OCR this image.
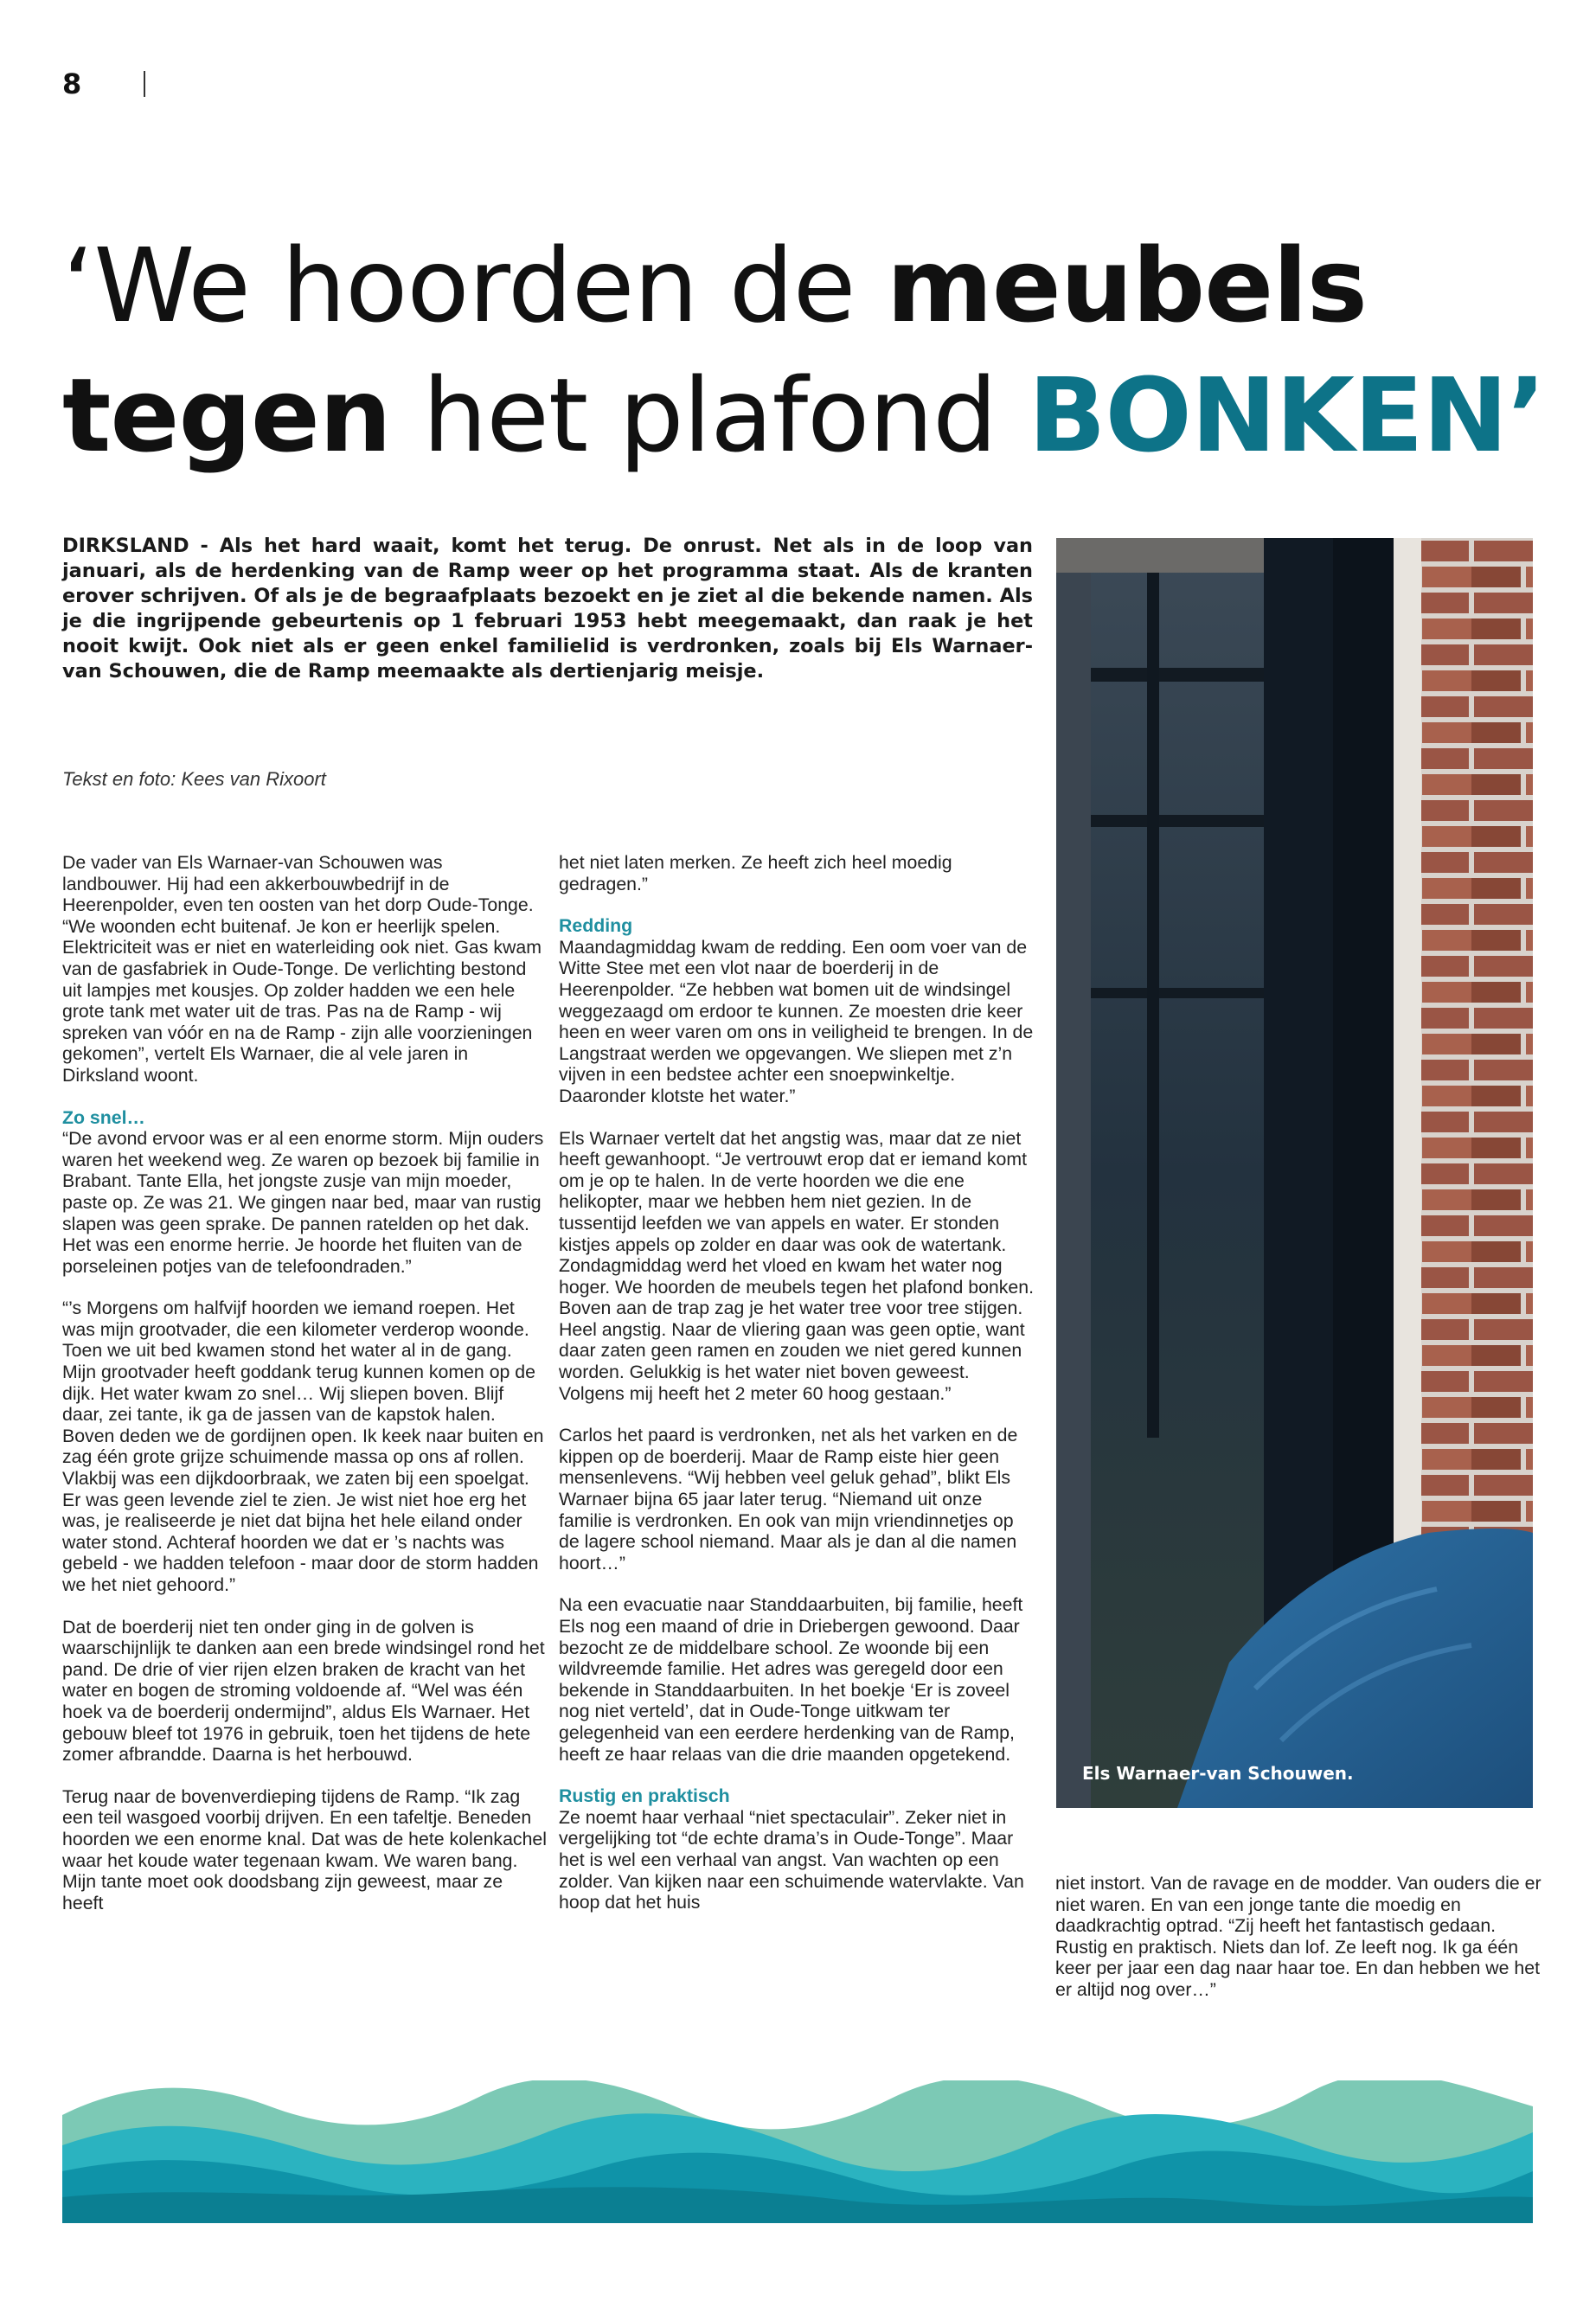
8
‘We hoorden de meubels
tegen het plafond BONKEN’

DIRKSLAND - Als het hard waait, komt het terug. De onrust. Net als in de loop van januari, als de herdenking van de Ramp weer op het programma staat. Als de kranten erover schrijven. Of als je de begraafplaats bezoekt en je ziet al die bekende namen. Als je die ingrijpende gebeurtenis op 1 februari 1953 hebt meegemaakt, dan raak je het nooit kwijt. Ook niet als er geen enkel familielid is verdronken, zoals bij Els Warnaer-van Schouwen, die de Ramp meemaakte als dertienjarig meisje.

Tekst en foto: Kees van Rixoort

De vader van Els Warnaer-van Schouwen was landbouwer. Hij had een akkerbouwbedrijf in de Heerenpolder, even ten oosten van het dorp Oude-Tonge. “We woonden echt buitenaf. Je kon er heerlijk spelen. Elektriciteit was er niet en waterleiding ook niet. Gas kwam van de gasfabriek in Oude-Tonge. De verlichting bestond uit lampjes met kousjes. Op zolder hadden we een hele grote tank met water uit de tras. Pas na de Ramp - wij spreken van vóór en na de Ramp - zijn alle voorzieningen gekomen”, vertelt Els Warnaer, die al vele jaren in Dirksland woont.

Zo snel…

“De avond ervoor was er al een enorme storm. Mijn ouders waren het weekend weg. Ze waren op bezoek bij familie in Brabant. Tante Ella, het jongste zusje van mijn moeder, paste op. Ze was 21. We gingen naar bed, maar van rustig slapen was geen sprake. De pannen ratelden op het dak. Het was een enorme herrie. Je hoorde het fluiten van de porseleinen potjes van de telefoondraden.”

“’s Morgens om halfvijf hoorden we iemand roepen. Het was mijn grootvader, die een kilometer verderop woonde. Toen we uit bed kwamen stond het water al in de gang. Mijn grootvader heeft goddank terug kunnen komen op de dijk. Het water kwam zo snel… Wij sliepen boven. Blijf daar, zei tante, ik ga de jassen van de kapstok halen. Boven deden we de gordijnen open. Ik keek naar buiten en zag één grote grijze schuimende massa op ons af rollen. Vlakbij was een dijkdoorbraak, we zaten bij een spoelgat. Er was geen levende ziel te zien. Je wist niet hoe erg het was, je realiseerde je niet dat bijna het hele eiland onder water stond. Achteraf hoorden we dat er ’s nachts was gebeld - we hadden telefoon - maar door de storm hadden we het niet gehoord.”

Dat de boerderij niet ten onder ging in de golven is waarschijnlijk te danken aan een brede windsingel rond het pand. De drie of vier rijen elzen braken de kracht van het water en bogen de stroming voldoende af. “Wel was één hoek va de boerderij ondermijnd”, aldus Els Warnaer. Het gebouw bleef tot 1976 in gebruik, toen het tijdens de hete zomer afbrandde. Daarna is het herbouwd.

Terug naar de bovenverdieping tijdens de Ramp. “Ik zag een teil wasgoed voorbij drijven. En een tafeltje. Beneden hoorden we een enorme knal. Dat was de hete kolenkachel waar het koude water tegenaan kwam. We waren bang. Mijn tante moet ook doodsbang zijn geweest, maar ze heeft

het niet laten merken. Ze heeft zich heel moedig gedragen.”

Redding

Maandagmiddag kwam de redding. Een oom voer van de Witte Stee met een vlot naar de boerderij in de Heerenpolder. “Ze hebben wat bomen uit de windsingel weggezaagd om erdoor te kunnen. Ze moesten drie keer heen en weer varen om ons in veiligheid te brengen. In de Langstraat werden we opgevangen. We sliepen met z’n vijven in een bedstee achter een snoepwinkeltje. Daaronder klotste het water.”

Els Warnaer vertelt dat het angstig was, maar dat ze niet heeft gewanhoopt. “Je vertrouwt erop dat er iemand komt om je op te halen. In de verte hoorden we die ene helikopter, maar we hebben hem niet gezien. In de tussentijd leefden we van appels en water. Er stonden kistjes appels op zolder en daar was ook de watertank. Zondagmiddag werd het vloed en kwam het water nog hoger. We hoorden de meubels tegen het plafond bonken. Boven aan de trap zag je het water tree voor tree stijgen. Heel angstig. Naar de vliering gaan was geen optie, want daar zaten geen ramen en zouden we niet gered kunnen worden. Gelukkig is het water niet boven geweest. Volgens mij heeft het 2 meter 60 hoog gestaan.”

Carlos het paard is verdronken, net als het varken en de kippen op de boerderij. Maar de Ramp eiste hier geen mensenlevens. “Wij hebben veel geluk gehad”, blikt Els Warnaer bijna 65 jaar later terug. “Niemand uit onze familie is verdronken. En ook van mijn vriendinnetjes op de lagere school niemand. Maar als je dan al die namen hoort…”

Na een evacuatie naar Standdaarbuiten, bij familie, heeft Els nog een maand of drie in Driebergen gewoond. Daar bezocht ze de middelbare school. Ze woonde bij een wildvreemde familie. Het adres was geregeld door een bekende in Standdaarbuiten. In het boekje ‘Er is zoveel nog niet verteld’, dat in Oude-Tonge uitkwam ter gelegenheid van een eerdere herdenking van de Ramp, heeft ze haar relaas van die drie maanden opgetekend.

Rustig en praktisch

Ze noemt haar verhaal “niet spectaculair”. Zeker niet in vergelijking tot “de echte drama’s in Oude-Tonge”. Maar het is wel een verhaal van angst. Van wachten op een zolder. Van kijken naar een schuimende watervlakte. Van hoop dat het huis

niet instort. Van de ravage en de modder. Van ouders die er niet waren. En van een jonge tante die moedig en daadkrachtig optrad. “Zij heeft het fantastisch gedaan. Rustig en praktisch. Niets dan lof. Ze leeft nog. Ik ga één keer per jaar een dag naar haar toe. En dan hebben we het er altijd nog over…”

Els Warnaer-van Schouwen.
